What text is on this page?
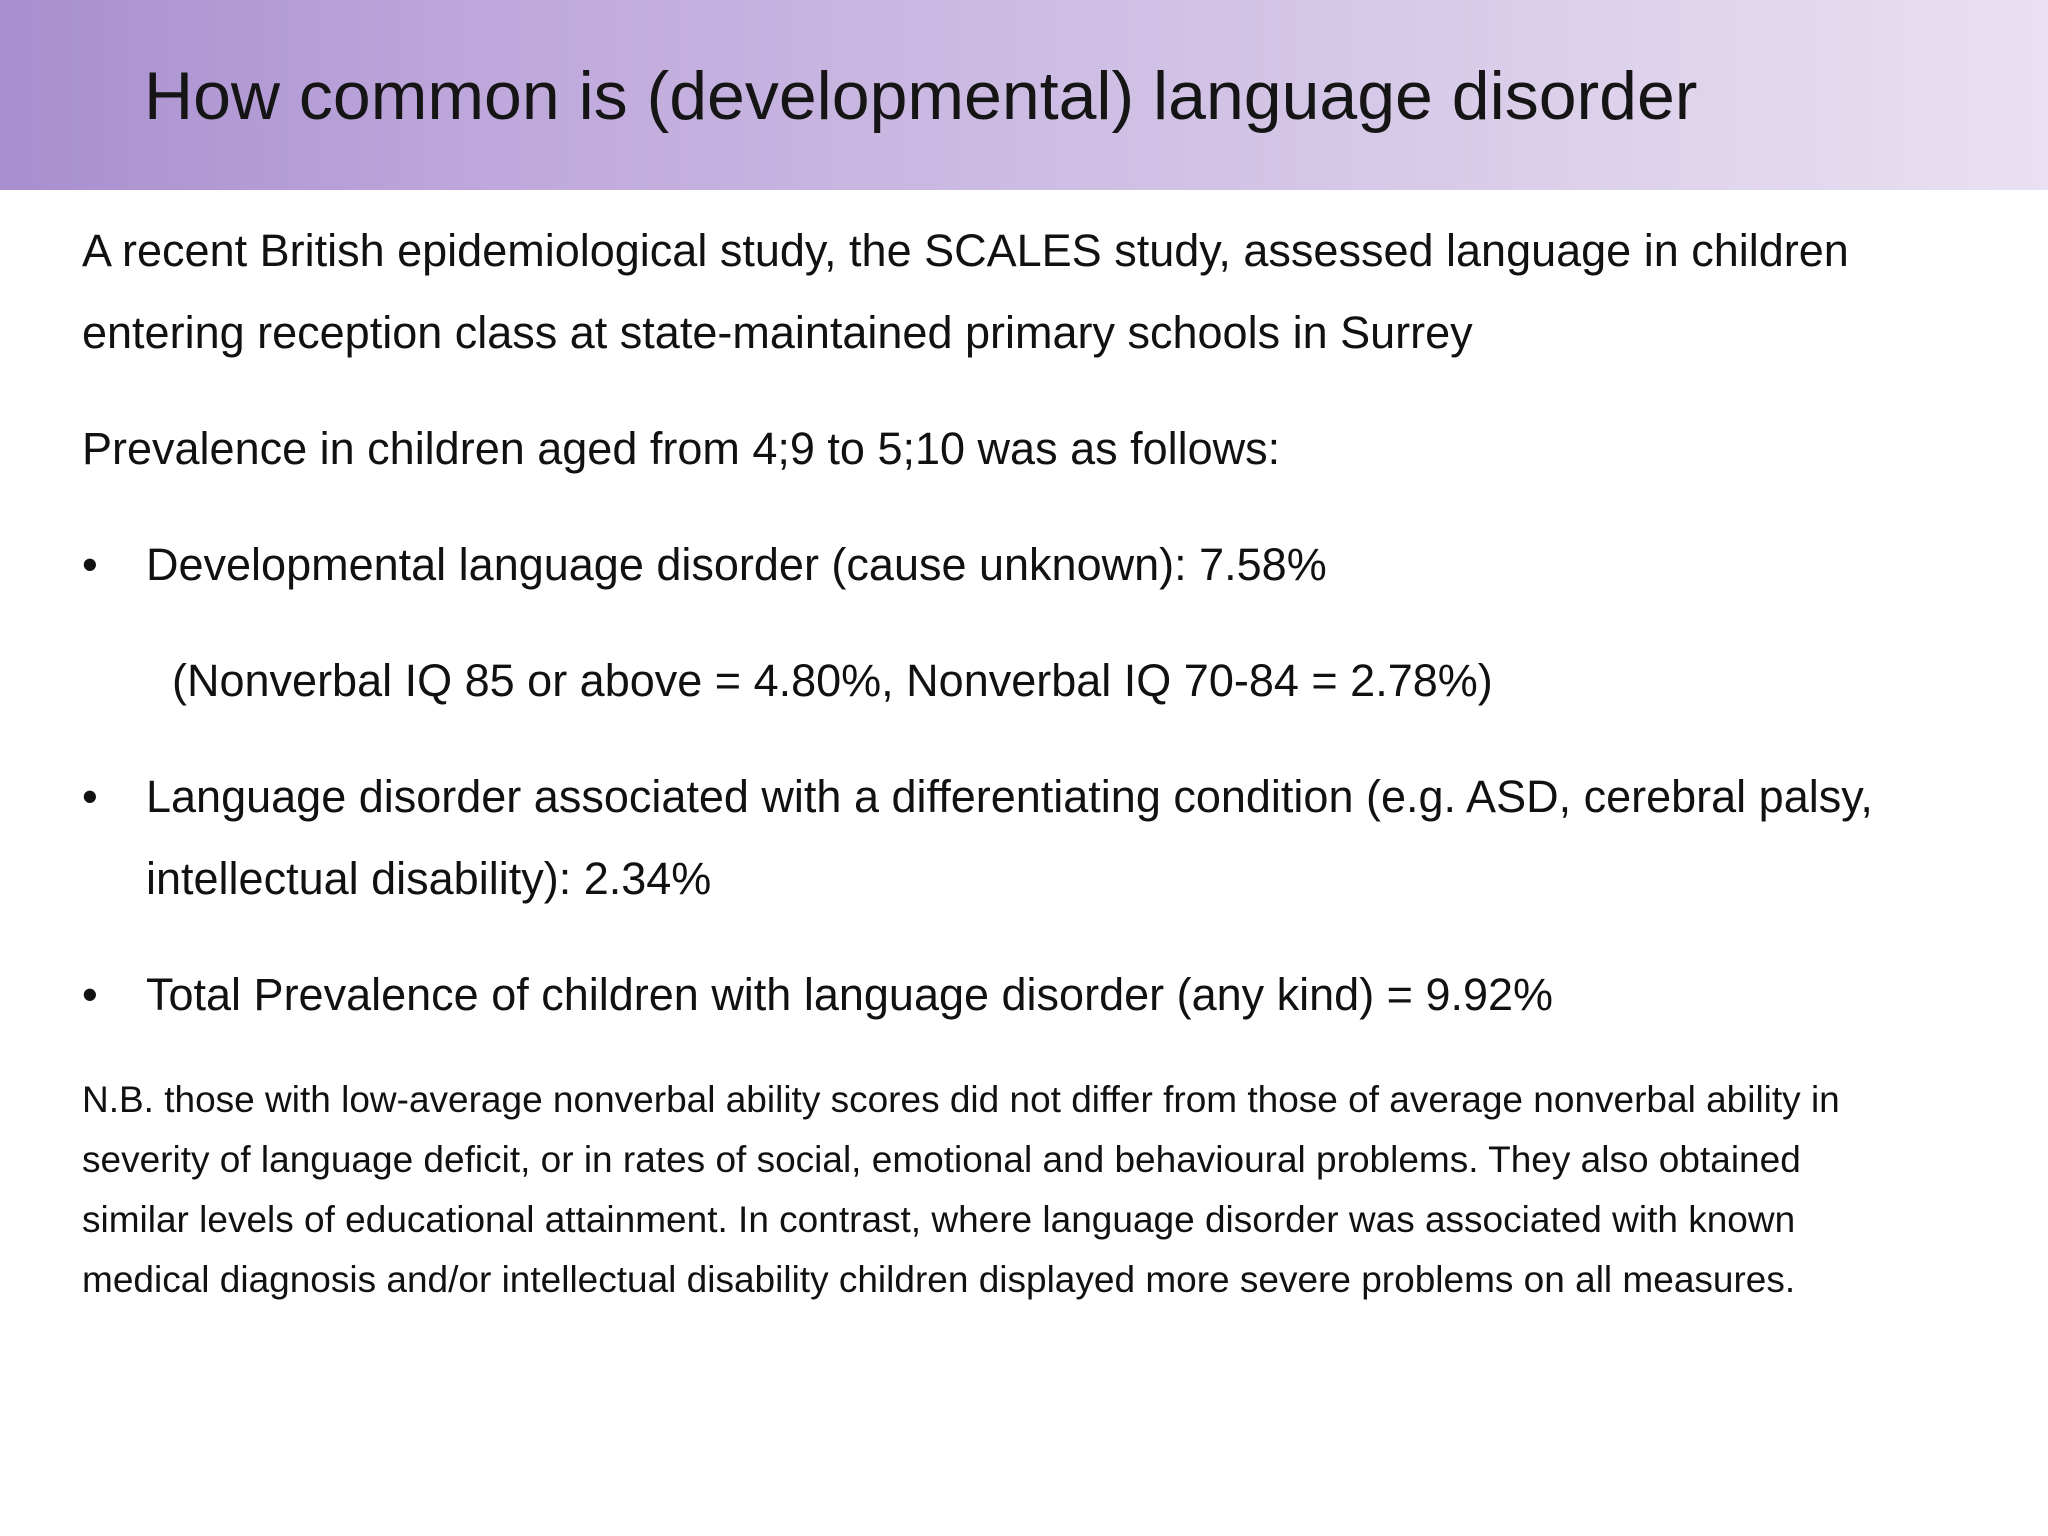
How common is (developmental) language disorder

A recent British epidemiological study, the SCALES study, assessed language in children entering reception class at state-maintained primary schools in Surrey

Prevalence in children aged from 4;9 to 5;10 was as follows:

•	Developmental language disorder (cause unknown): 7.58%
(Nonverbal IQ 85 or above = 4.80%, Nonverbal IQ 70-84 = 2.78%)
•	Language disorder associated with a differentiating condition (e.g. ASD, cerebral palsy, intellectual disability): 2.34%
•	Total Prevalence of children with language disorder (any kind) = 9.92%

N.B. those with low-average nonverbal ability scores did not differ from those of average nonverbal ability in severity of language deficit, or in rates of social, emotional and behavioural problems. They also obtained similar levels of educational attainment. In contrast, where language disorder was associated with known medical diagnosis and/or intellectual disability children displayed more severe problems on all measures.
